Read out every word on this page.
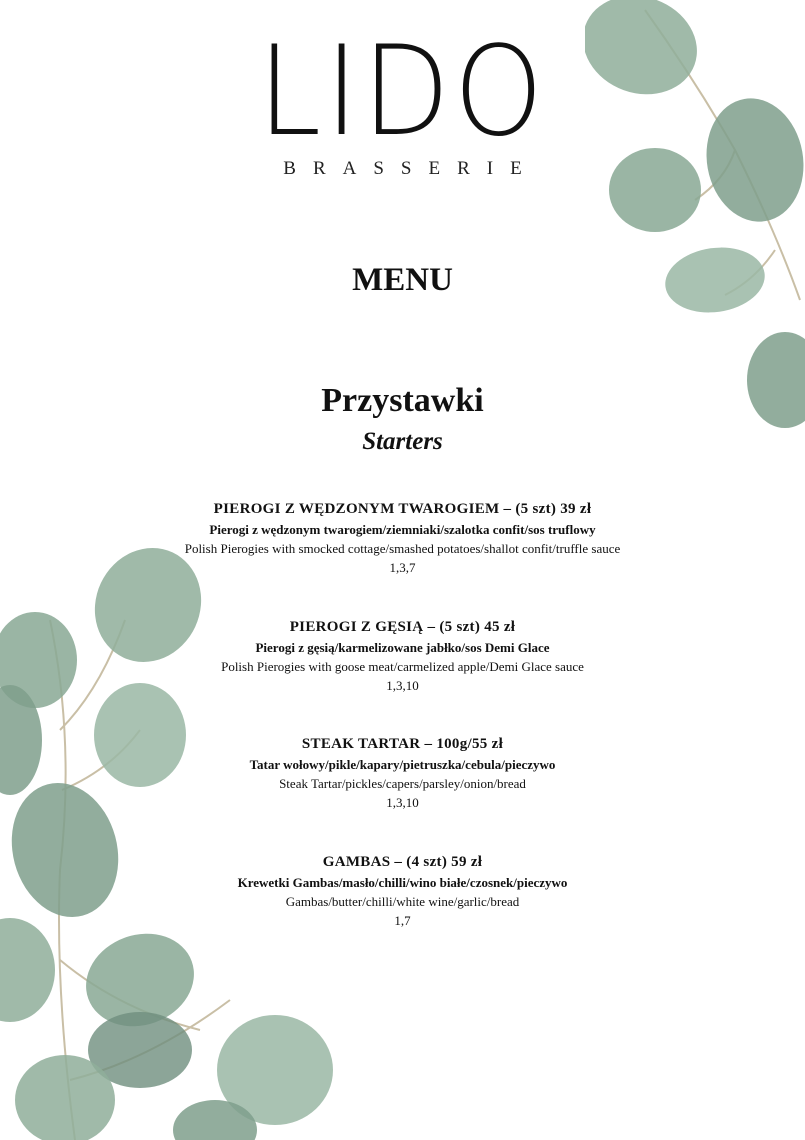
LIDO
BRASSERIE
MENU
Przystawki
Starters
PIEROGI Z WĘDZONYM TWAROGIEM – (5 szt) 39 zł
Pierogi z wędzonym twarogiem/ziemniaki/szalotka confit/sos truflowy
Polish Pierogies with smocked cottage/smashed potatoes/shallot confit/truffle sauce
1,3,7
PIEROGI Z GĘSIĄ – (5 szt) 45 zł
Pierogi z gęsią/karmelizowane jabłko/sos Demi Glace
Polish Pierogies with goose meat/carmelized apple/Demi Glace sauce
1,3,10
STEAK TARTAR – 100g/55 zł
Tatar wołowy/pikle/kapary/pietruszka/cebula/pieczywo
Steak Tartar/pickles/capers/parsley/onion/bread
1,3,10
GAMBAS – (4 szt) 59 zł
Krewetki Gambas/masło/chilli/wino białe/czosnek/pieczywo
Gambas/butter/chilli/white wine/garlic/bread
1,7
